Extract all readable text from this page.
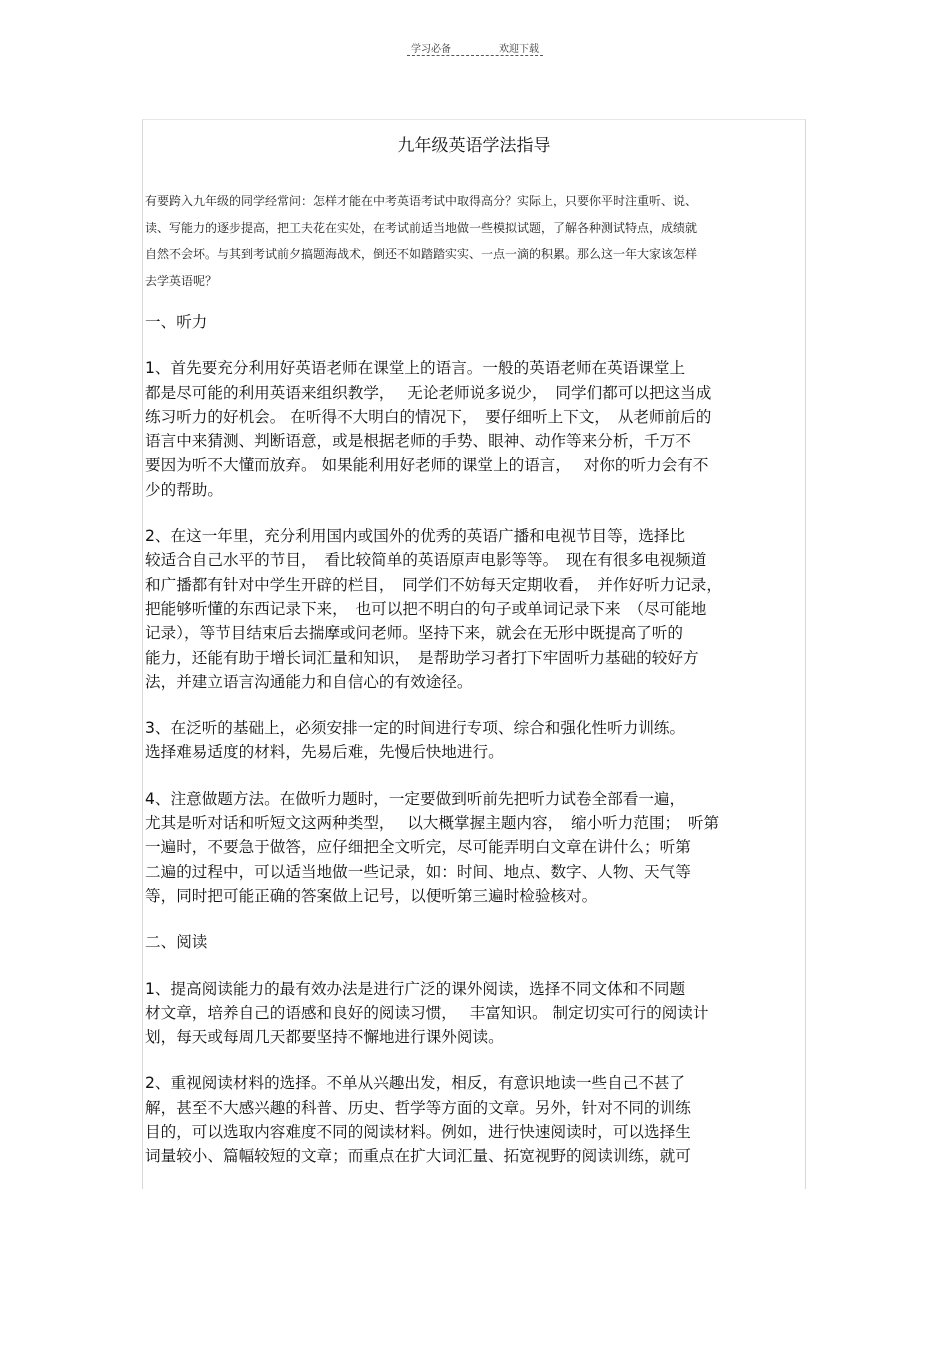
学习必备	欢迎下载
九年级英语学法指导
有要跨入九年级的同学经常问：怎样才能在中考英语考试中取得高分？实际上，只要你平时注重听、说、
读、写能力的逐步提高，把工夫花在实处，在考试前适当地做一些模拟试题，了解各种测试特点，成绩就
自然不会坏。与其到考试前夕搞题海战术，倒还不如踏踏实实、一点一滴的积累。那么这一年大家该怎样
去学英语呢？
一、听力
1、首先要充分利用好英语老师在课堂上的语言。一般的英语老师在英语课堂上
都是尽可能的利用英语来组织教学，　 无论老师说多说少，　同学们都可以把这当成
练习听力的好机会。 在听得不大明白的情况下，　要仔细听上下文，　从老师前后的
语言中来猜测、判断语意，或是根据老师的手势、眼神、动作等来分析，千万不
要因为听不大懂而放弃。 如果能利用好老师的课堂上的语言，　 对你的听力会有不
少的帮助。
2、在这一年里，充分利用国内或国外的优秀的英语广播和电视节目等，选择比
较适合自己水平的节目，　看比较简单的英语原声电影等等。　现在有很多电视频道
和广播都有针对中学生开辟的栏目，　同学们不妨每天定期收看，　并作好听力记录，
把能够听懂的东西记录下来，　也可以把不明白的句子或单词记录下来　（尽可能地
记录），等节目结束后去揣摩或问老师。坚持下来，就会在无形中既提高了听的
能力，还能有助于增长词汇量和知识，　是帮助学习者打下牢固听力基础的较好方
法，并建立语言沟通能力和自信心的有效途径。
3、在泛听的基础上，必须安排一定的时间进行专项、综合和强化性听力训练。
选择难易适度的材料，先易后难，先慢后快地进行。
4、注意做题方法。在做听力题时，一定要做到听前先把听力试卷全部看一遍，
尤其是听对话和听短文这两种类型，　 以大概掌握主题内容，　缩小听力范围；　听第
一遍时，不要急于做答，应仔细把全文听完，尽可能弄明白文章在讲什么；听第
二遍的过程中，可以适当地做一些记录，如：时间、地点、数字、人物、天气等
等，同时把可能正确的答案做上记号，以便听第三遍时检验核对。
二、阅读
1、提高阅读能力的最有效办法是进行广泛的课外阅读，选择不同文体和不同题
材文章，培养自己的语感和良好的阅读习惯，　 丰富知识。 制定切实可行的阅读计
划，每天或每周几天都要坚持不懈地进行课外阅读。
2、重视阅读材料的选择。不单从兴趣出发，相反，有意识地读一些自己不甚了
解，甚至不大感兴趣的科普、历史、哲学等方面的文章。另外，针对不同的训练
目的，可以选取内容难度不同的阅读材料。例如，进行快速阅读时，可以选择生
词量较小、篇幅较短的文章；而重点在扩大词汇量、拓宽视野的阅读训练，就可
